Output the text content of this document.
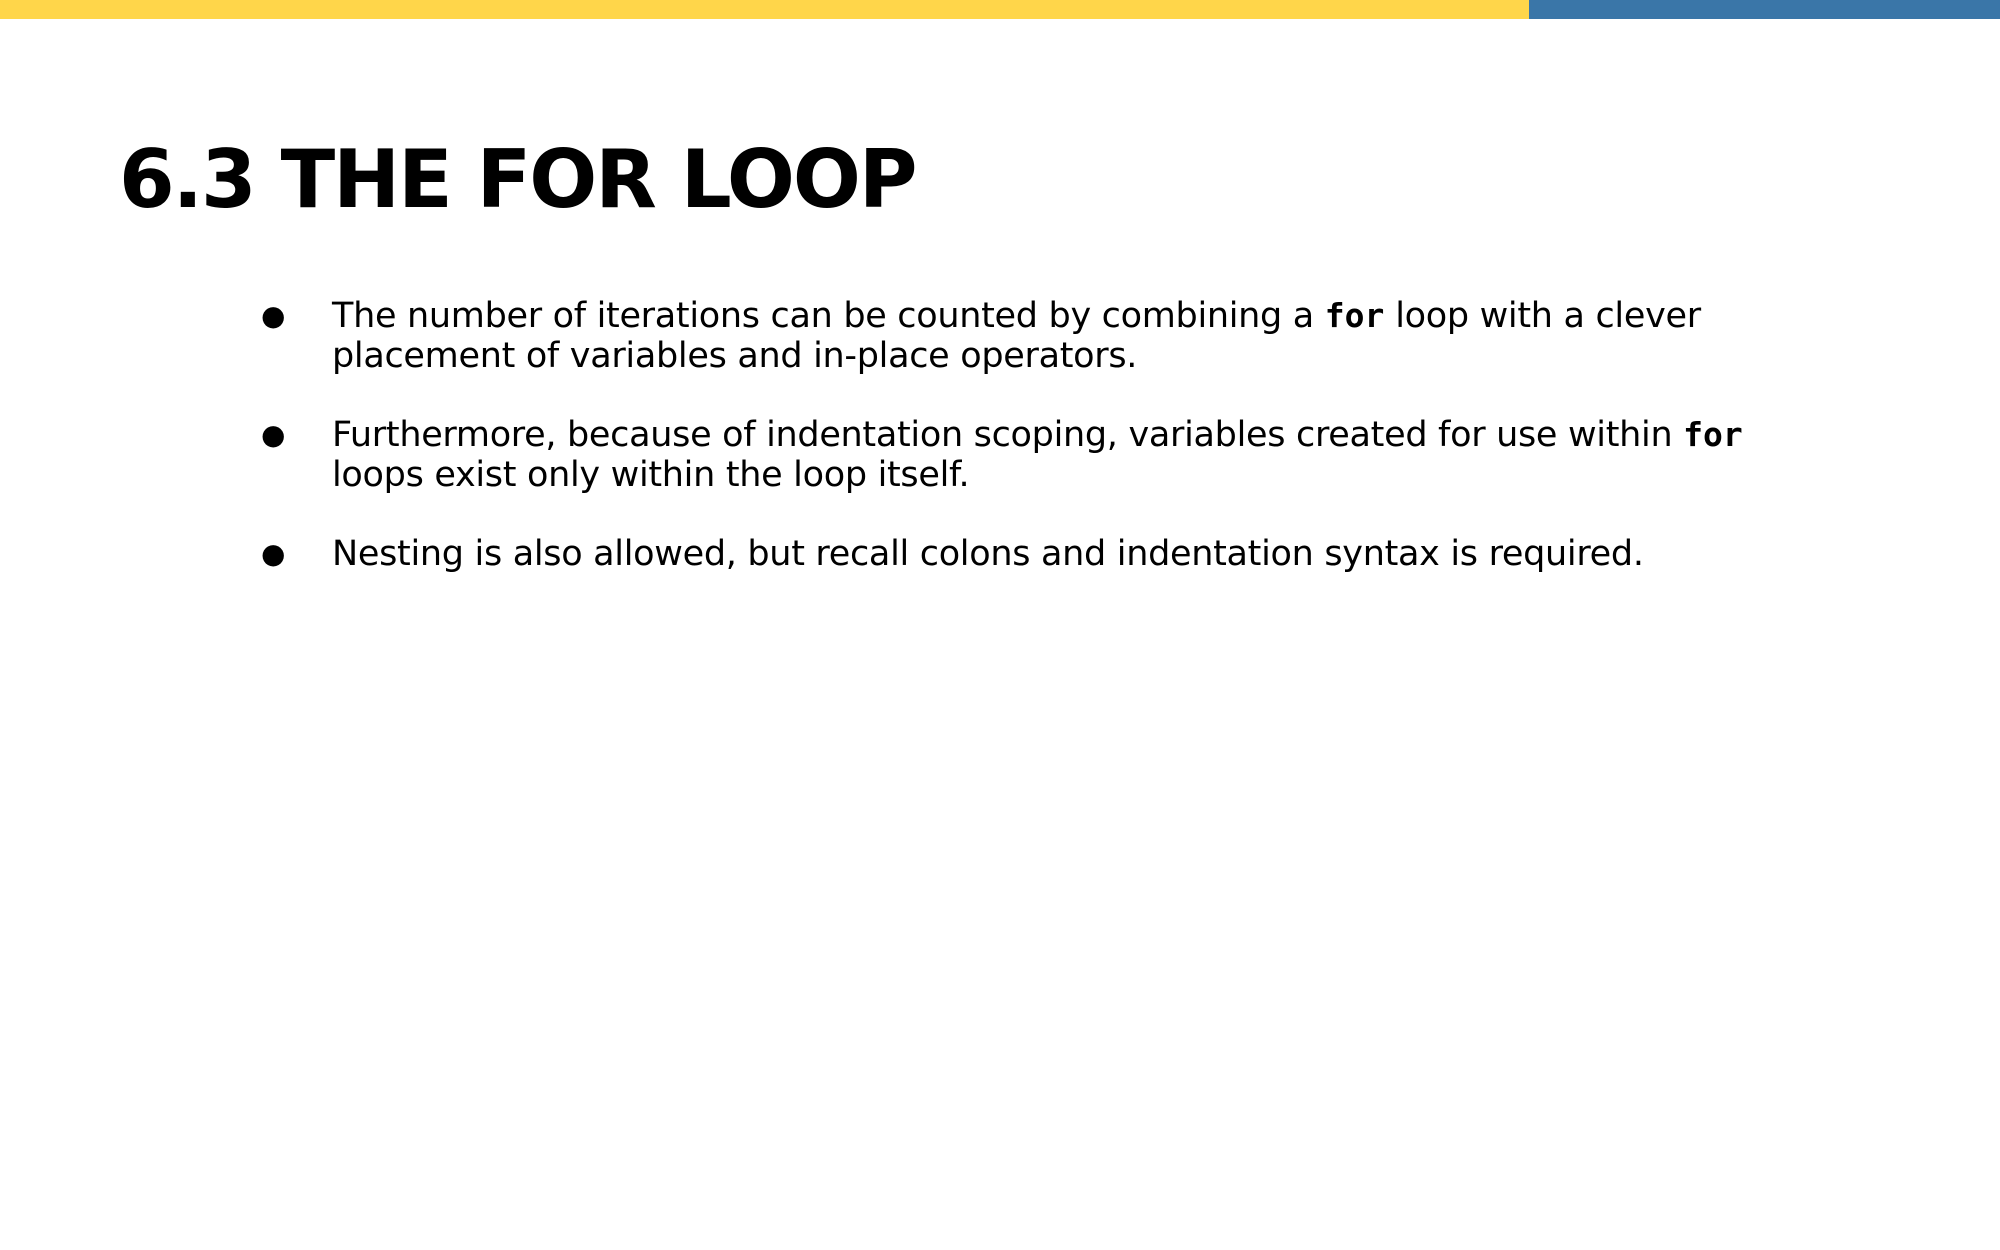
6.3 THE FOR LOOP
● The number of iterations can be counted by combining a for loop with a clever placement of variables and in-place operators.
● Furthermore, because of indentation scoping, variables created for use within for loops exist only within the loop itself.
● Nesting is also allowed, but recall colons and indentation syntax is required.
